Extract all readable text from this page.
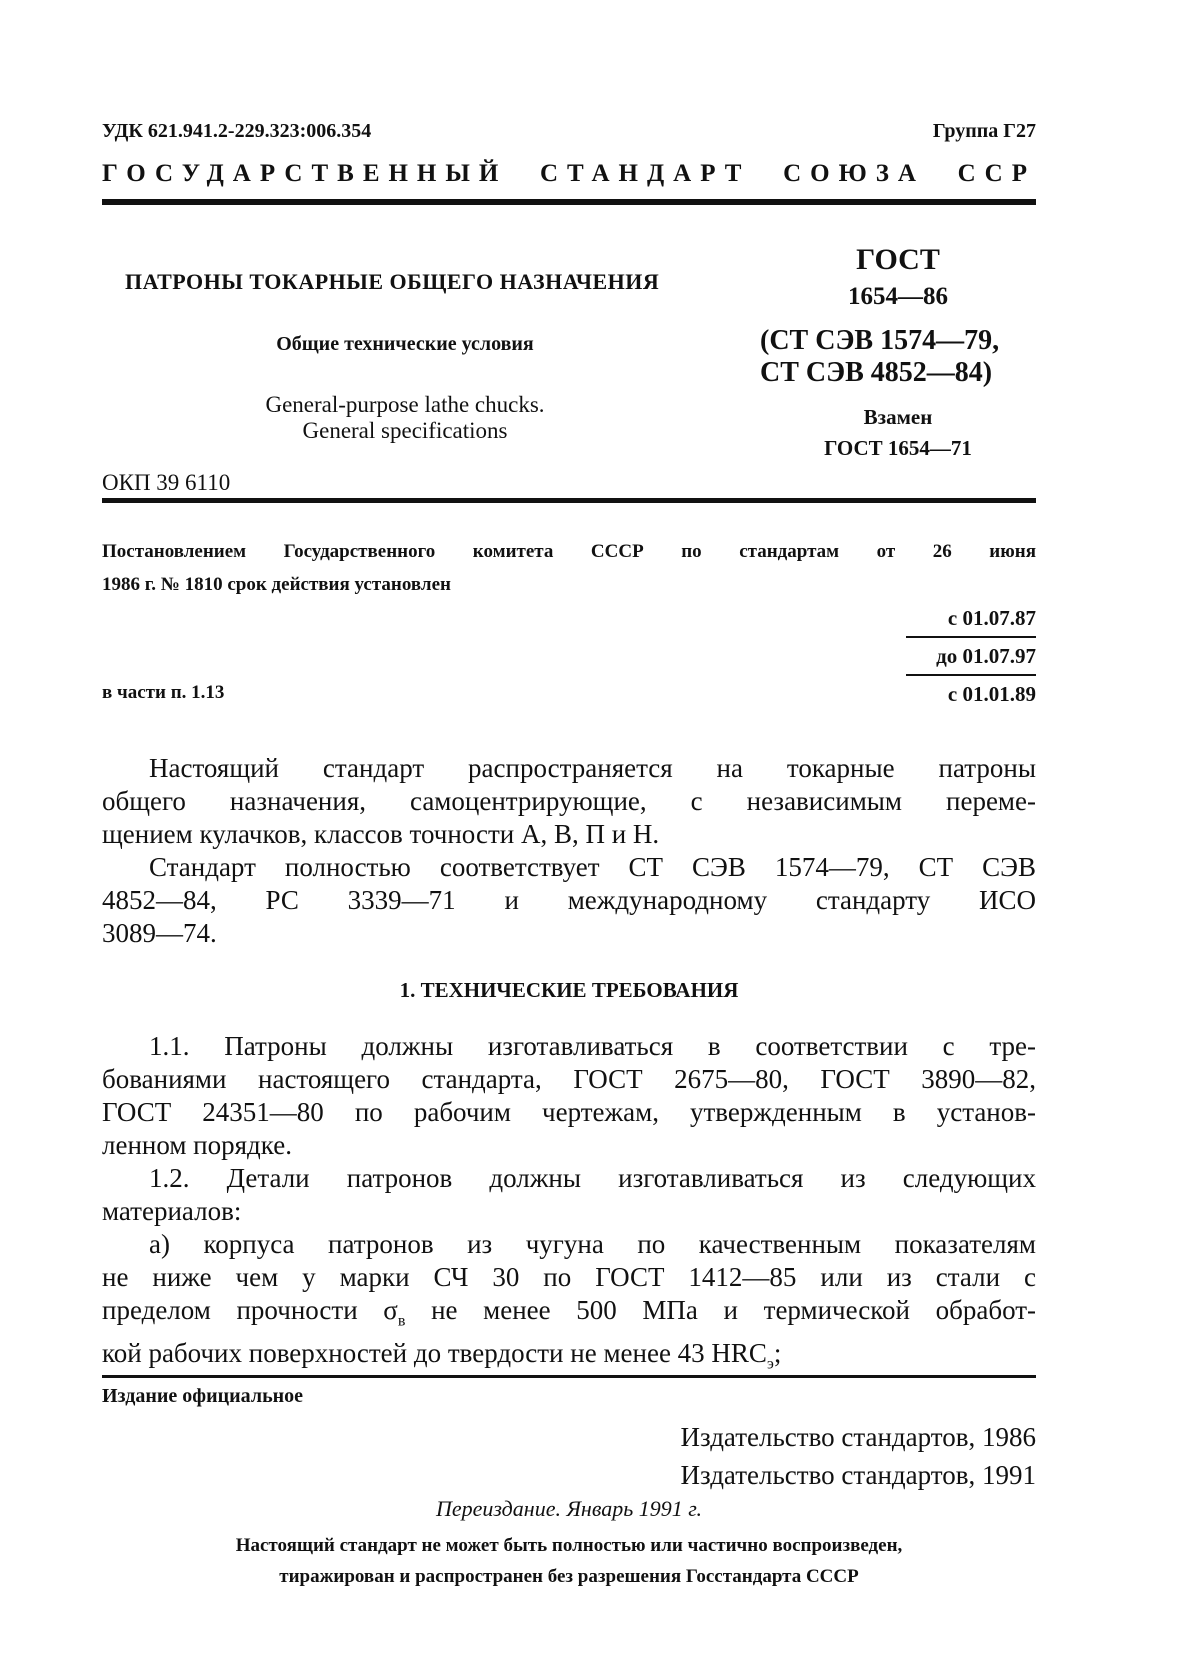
УДК 621.941.2-229.323:006.354	Группа Г27
ГОСУДАРСТВЕННЫЙ СТАНДАРТ СОЮЗА ССР
ПАТРОНЫ ТОКАРНЫЕ ОБЩЕГО НАЗНАЧЕНИЯ
Общие технические условия
General-purpose lathe chucks.
General specifications
ОКП 39 6110
ГОСТ
1654—86
(СТ СЭВ 1574—79,
СТ СЭВ 4852—84)
Взамен
ГОСТ 1654—71
Постановлением Государственного комитета СССР по стандартам от 26 июня
1986 г. № 1810 срок действия установлен
с 01.07.87
до 01.07.97
с 01.01.89
в части п. 1.13
Настоящий стандарт распространяется на токарные патроны
общего назначения, самоцентрирующие, с независимым переме-
щением кулачков, классов точности А, В, П и Н.
Стандарт полностью соответствует СТ СЭВ 1574—79, СТ СЭВ
4852—84, РС 3339—71 и международному стандарту ИСО
3089—74.
1. ТЕХНИЧЕСКИЕ ТРЕБОВАНИЯ
1.1. Патроны должны изготавливаться в соответствии с тре-
бованиями настоящего стандарта, ГОСТ 2675—80, ГОСТ 3890—82,
ГОСТ 24351—80 по рабочим чертежам, утвержденным в установ-
ленном порядке.
1.2. Детали патронов должны изготавливаться из следующих
материалов:
а) корпуса патронов из чугуна по качественным показателям
не ниже чем у марки СЧ 30 по ГОСТ 1412—85 или из стали с
пределом прочности $\sigma_в$ не менее 500 МПа и термической обработ-
кой рабочих поверхностей до твердости не менее 43 $HRC_э$;
Издание официальное
Издательство стандартов, 1986
Издательство стандартов, 1991
Переиздание. Январь 1991 г.
Настоящий стандарт не может быть полностью или частично воспроизведен,
тиражирован и распространен без разрешения Госстандарта СССР
